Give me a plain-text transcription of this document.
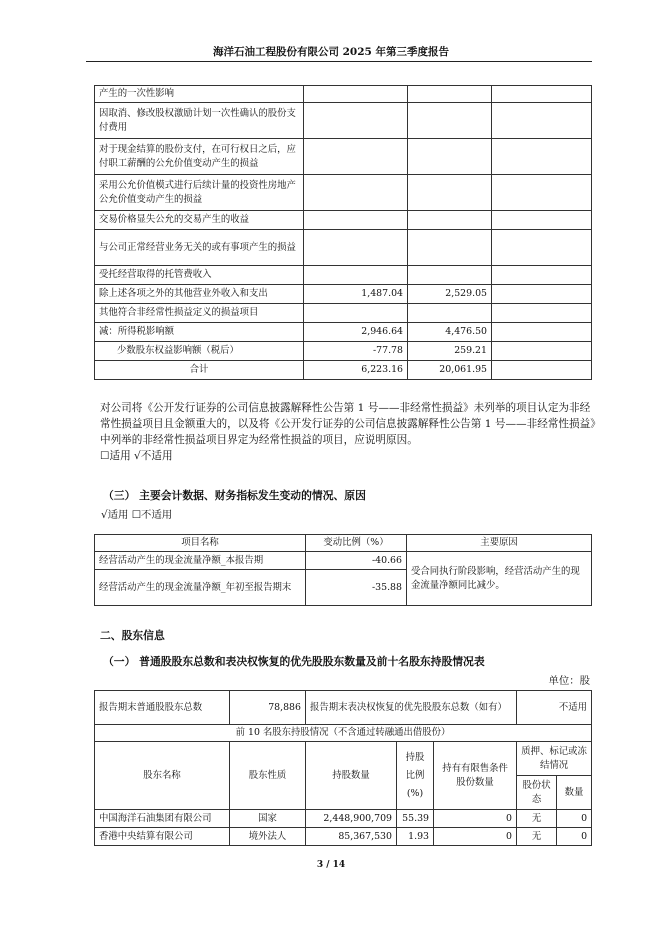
海洋石油工程股份有限公司 2025 年第三季度报告
产生的一次性影响			
因取消、修改股权激励计划一次性确认的股份支付费用			
对于现金结算的股份支付，在可行权日之后，应付职工薪酬的公允价值变动产生的损益			
采用公允价值模式进行后续计量的投资性房地产公允价值变动产生的损益			
交易价格显失公允的交易产生的收益			
与公司正常经营业务无关的或有事项产生的损益			
受托经营取得的托管费收入			
除上述各项之外的其他营业外收入和支出	1,487.04	2,529.05	
其他符合非经常性损益定义的损益项目			
减：所得税影响额	2,946.64	4,476.50	
少数股东权益影响额（税后）	-77.78	259.21	
合计	6,223.16	20,061.95	
对公司将《公开发行证券的公司信息披露解释性公告第 1 号——非经常性损益》未列举的项目认定为非经常性损益项目且金额重大的，以及将《公开发行证券的公司信息披露解释性公告第 1 号——非经常性损益》中列举的非经常性损益项目界定为经常性损益的项目，应说明原因。
☐适用 √不适用
（三） 主要会计数据、财务指标发生变动的情况、原因
√适用 ☐不适用
项目名称	变动比例（%）	主要原因
经营活动产生的现金流量净额_本报告期	-40.66	受合同执行阶段影响，经营活动产生的现金流量净额同比减少。
经营活动产生的现金流量净额_年初至报告期末	-35.88	
二、股东信息
（一） 普通股股东总数和表决权恢复的优先股股东数量及前十名股东持股情况表
单位：股
报告期末普通股股东总数	78,886	报告期末表决权恢复的优先股股东总数（如有）			不适用	
前 10 名股东持股情况（不含通过转融通出借股份）						
股东名称	股东性质	持股数量	持股比例(%)	持有有限售条件股份数量	质押、标记或冻结情况	
					股份状态	数量
中国海洋石油集团有限公司	国家	2,448,900,709	55.39	0	无	0
香港中央结算有限公司	境外法人	85,367,530	1.93	0	无	0
3 / 14
